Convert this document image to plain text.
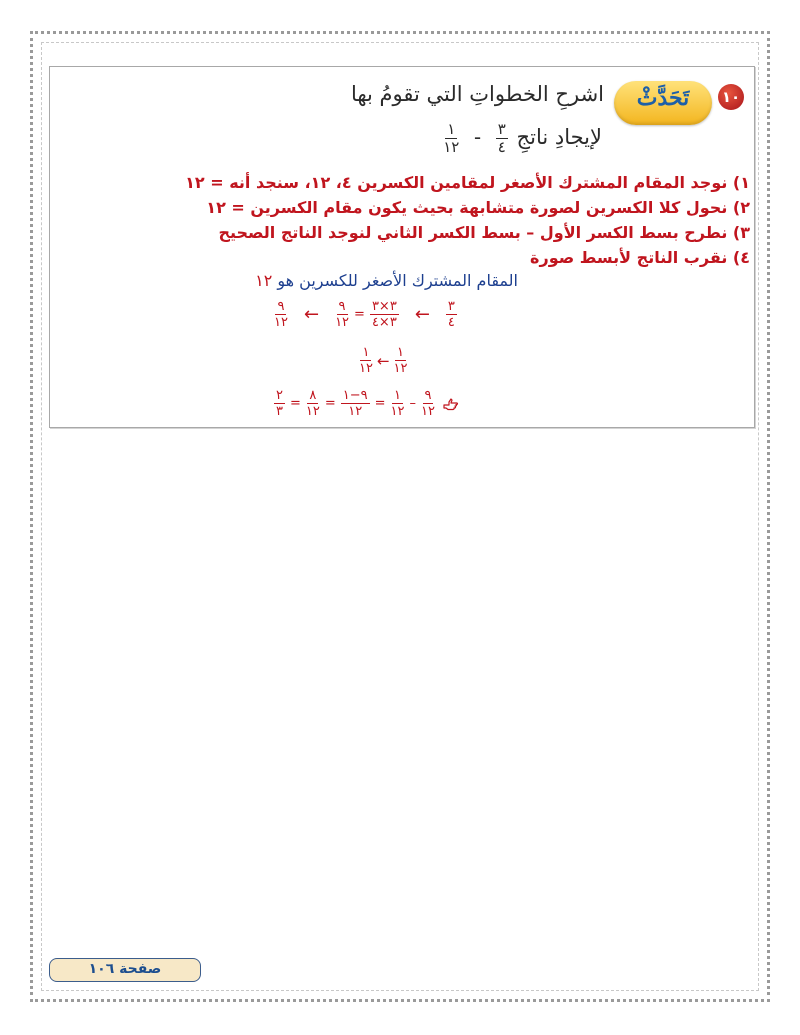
١٠
تَحَدَّثْ
اشرحِ الخطواتِ التي تقومُ بها
لإيجادِ ناتجِ
$\frac{٣}{٤}$
-
$\frac{١}{١٢}$
١) نوجد المقام المشترك الأصغر لمقامين الكسرين ٤، ١٢، سنجد أنه = ١٢
٢) نحول كلا الكسرين لصورة متشابهة بحيث يكون مقام الكسرين = ١٢
٣) نطرح بسط الكسر الأول – بسط الكسر الثاني لنوجد الناتج الصحيح
٤) نقرب الناتج لأبسط صورة
المقام المشترك الأصغر للكسرين هو ١٢
$\frac{٩}{١٢}$ ← $\frac{٩}{١٢} = \frac{٣\times ٣}{٣\times ٤}$ ← $\frac{٣}{٤}$
$\frac{١}{١٢}$ ← $\frac{١}{١٢}$
$\frac{٢}{٣} = \frac{٨}{١٢} = \frac{٩-١}{١٢} = \frac{١}{١٢} - \frac{٩}{١٢}$
صفحة ١٠٦
